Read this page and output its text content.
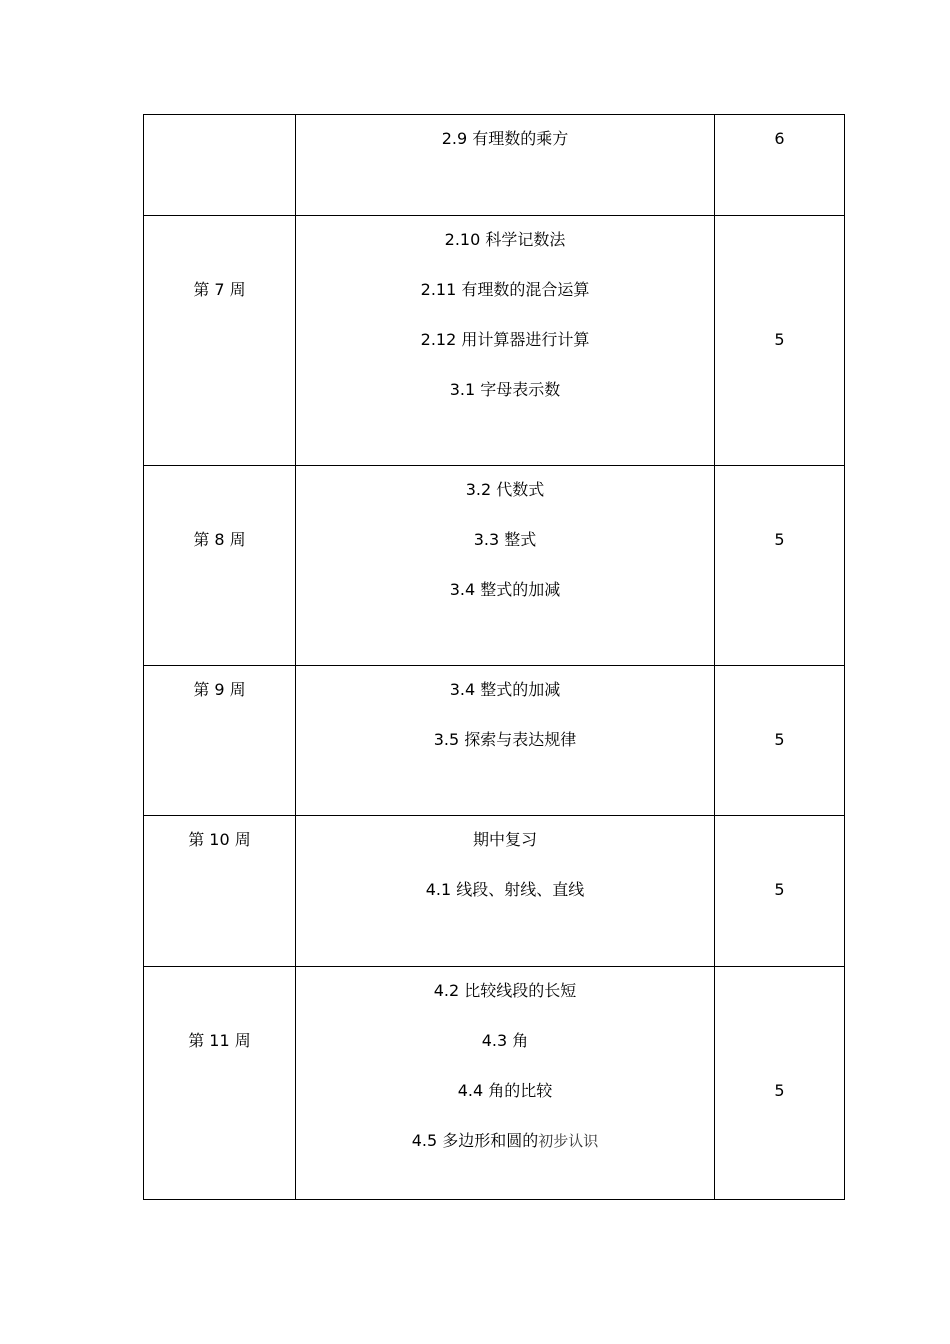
	2.9 有理数的乘方	6

第 7 周	2.10 科学记数法
2.11 有理数的混合运算
2.12 用计算器进行计算
3.1 字母表示数	5

第 8 周	3.2 代数式
3.3 整式
3.4 整式的加减	5

第 9 周	3.4 整式的加减
3.5 探索与表达规律	5

第 10 周	期中复习
4.1 线段、射线、直线	5

第 11 周	4.2 比较线段的长短
4.3 角
4.4 角的比较
4.5 多边形和圆的初步认识	5
